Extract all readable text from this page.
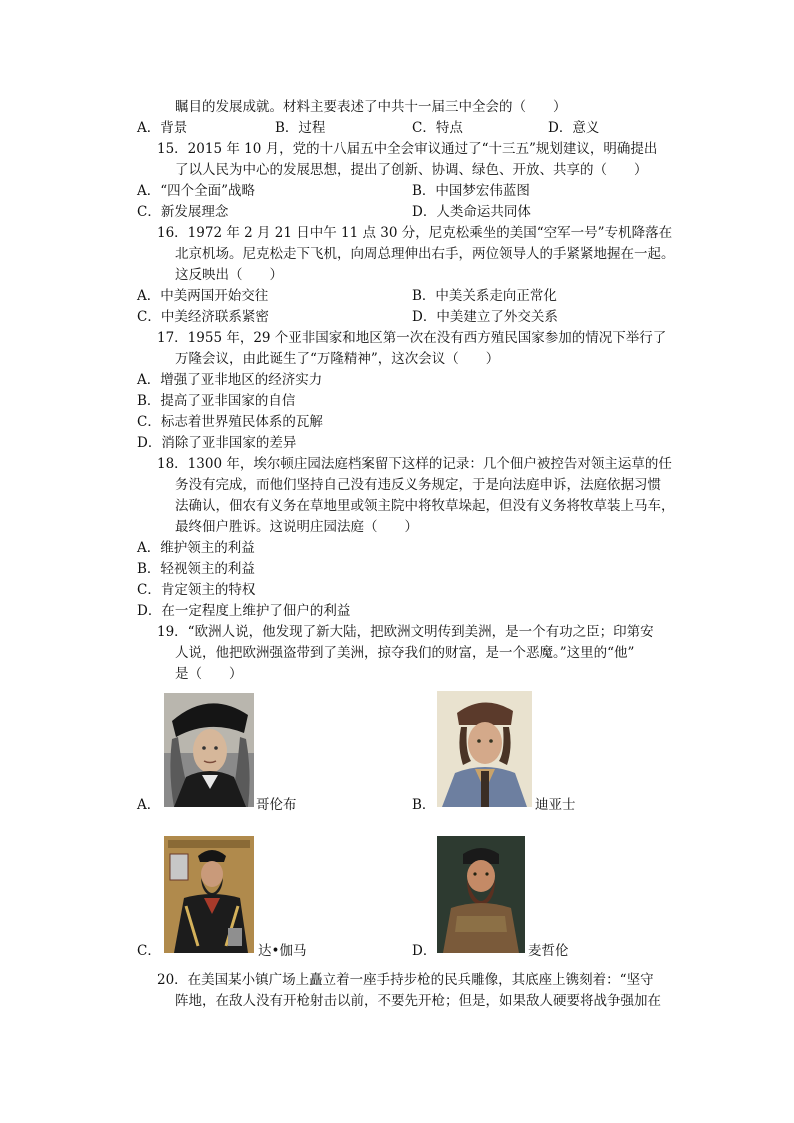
瞩目的发展成就。材料主要表述了中共十一届三中全会的（　　）
A．背景	B．过程	C．特点	D．意义
15．2015 年 10 月，党的十八届五中全会审议通过了“十三五”规划建议，明确提出
了以人民为中心的发展思想，提出了创新、协调、绿色、开放、共享的（　　）
A．“四个全面”战略	B．中国梦宏伟蓝图
C．新发展理念	D．人类命运共同体
16．1972 年 2 月 21 日中午 11 点 30 分，尼克松乘坐的美国“空军一号”专机降落在
北京机场。尼克松走下飞机，向周总理伸出右手，两位领导人的手紧紧地握在一起。
这反映出（　　）
A．中美两国开始交往	B．中美关系走向正常化
C．中美经济联系紧密	D．中美建立了外交关系
17．1955 年，29 个亚非国家和地区第一次在没有西方殖民国家参加的情况下举行了
万隆会议，由此诞生了“万隆精神”，这次会议（　　）
A．增强了亚非地区的经济实力
B．提高了亚非国家的自信
C．标志着世界殖民体系的瓦解
D．消除了亚非国家的差异
18．1300 年，埃尔顿庄园法庭档案留下这样的记录：几个佃户被控告对领主运草的任
务没有完成，而他们坚持自己没有违反义务规定，于是向法庭申诉，法庭依据习惯
法确认，佃农有义务在草地里或领主院中将牧草垛起，但没有义务将牧草装上马车，
最终佃户胜诉。这说明庄园法庭（　　）
A．维护领主的利益
B．轻视领主的利益
C．肯定领主的特权
D．在一定程度上维护了佃户的利益
19．“欧洲人说，他发现了新大陆，把欧洲文明传到美洲，是一个有功之臣；印第安
人说，他把欧洲强盗带到了美洲，掠夺我们的财富，是一个恶魔。”这里的“他”
是（　　）
A．	哥伦布	B．	迪亚士
C．	达•伽马	D．	麦哲伦
20．在美国某小镇广场上矗立着一座手持步枪的民兵雕像，其底座上镌刻着：“坚守
阵地，在敌人没有开枪射击以前，不要先开枪；但是，如果敌人硬要将战争强加在
